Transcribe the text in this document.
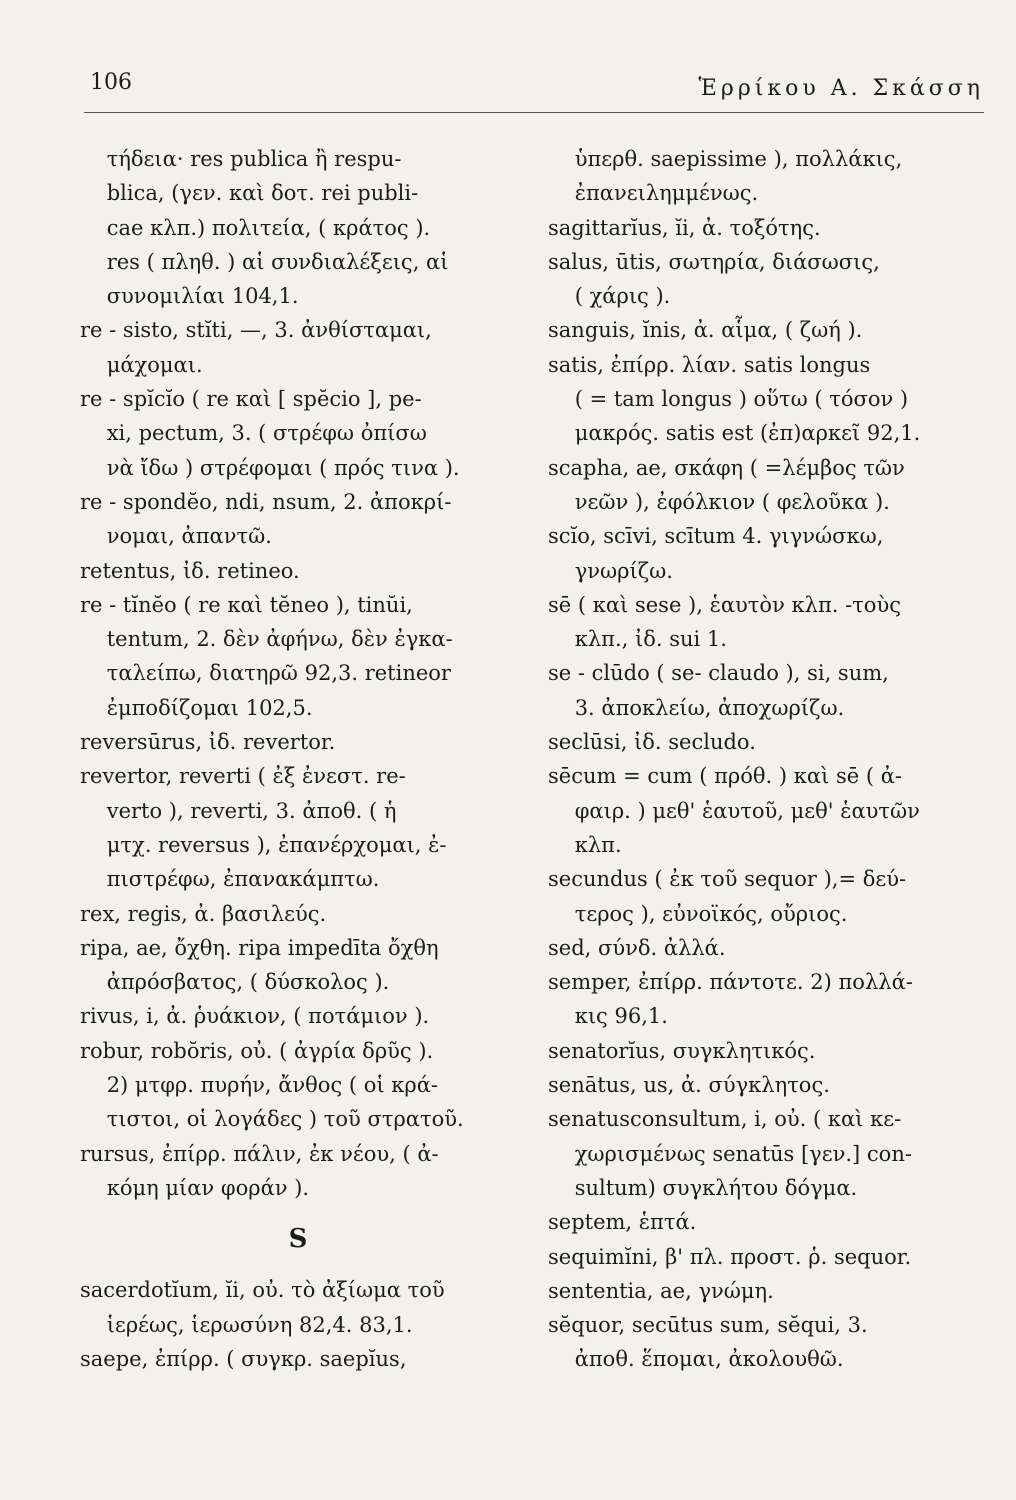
106	Ἑρρίκου Α. Σκάσση
τήδεια· res publica ἢ respu-
blica, (γεν. καὶ δοτ. rei publi-
cae κλπ.) πολιτεία, ( κράτος ).
res ( πληθ. ) αἱ συνδιαλέξεις, αἱ
συνομιλίαι 104,1.
re - sisto, stĭti, —, 3. ἀνθίσταμαι,
μάχομαι.
re - spĭcĭo ( re καὶ [ spĕcio ], pe-
xi, pectum, 3. ( στρέφω ὀπίσω
νὰ ἴδω ) στρέφομαι ( πρός τινα ).
re - spondĕo, ndi, nsum, 2. ἀποκρί-
νομαι, ἀπαντῶ.
retentus, ἰδ. retineo.
re - tĭnĕo ( re καὶ tĕneo ), tinŭi,
tentum, 2. δὲν ἀφήνω, δὲν ἐγκα-
ταλείπω, διατηρῶ 92,3. retineor
ἐμποδίζομαι 102,5.
reversūrus, ἰδ. revertor.
revertor, reverti ( ἐξ ἐνεστ. re-
verto ), reverti, 3. ἀποθ. ( ἡ
μτχ. reversus ), ἐπανέρχομαι, ἐ-
πιστρέφω, ἐπανακάμπτω.
rex, regis, ἀ. βασιλεύς.
ripa, ae, ὄχθη. ripa impedīta ὄχθη
ἀπρόσβατος, ( δύσκολος ).
rivus, i, ἀ. ῥυάκιον, ( ποτάμιον ).
robur, robŏris, οὐ. ( ἀγρία δρῦς ).
2) μτφρ. πυρήν, ἄνθος ( οἱ κρά-
τιστοι, οἱ λογάδες ) τοῦ στρατοῦ.
rursus, ἐπίρρ. πάλιν, ἐκ νέου, ( ἀ-
κόμη μίαν φοράν ).
S
sacerdotĭum, ĭi, οὐ. τὸ ἀξίωμα τοῦ
ἱερέως, ἱερωσύνη 82,4. 83,1.
saepe, ἐπίρρ. ( συγκρ. saepĭus,
ὑπερθ. saepissime ), πολλάκις,
ἐπανειλημμένως.
sagittarĭus, ĭi, ἀ. τοξότης.
salus, ūtis, σωτηρία, διάσωσις,
( χάρις ).
sanguis, ĭnis, ἀ. αἷμα, ( ζωή ).
satis, ἐπίρρ. λίαν. satis longus
( = tam longus ) οὕτω ( τόσον )
μακρός. satis est (ἐπ)αρκεῖ 92,1.
scapha, ae, σκάφη ( =λέμβος τῶν
νεῶν ), ἐφόλκιον ( φελοῦκα ).
scĭo, scīvi, scītum 4. γιγνώσκω,
γνωρίζω.
sē ( καὶ sese ), ἑαυτὸν κλπ. -τοὺς
κλπ., ἰδ. sui 1.
se - clūdo ( se- claudo ), si, sum,
3. ἀποκλείω, ἀποχωρίζω.
seclūsi, ἰδ. secludo.
sēcum = cum ( πρόθ. ) καὶ sē ( ἀ-
φαιρ. ) μεθ' ἑαυτοῦ, μεθ' ἑαυτῶν
κλπ.
secundus ( ἐκ τοῦ sequor ),= δεύ-
τερος ), εὐνοϊκός, οὔριος.
sed, σύνδ. ἀλλά.
semper, ἐπίρρ. πάντοτε. 2) πολλά-
κις 96,1.
senatorĭus, συγκλητικός.
senātus, us, ἀ. σύγκλητος.
senatusconsultum, i, οὐ. ( καὶ κε-
χωρισμένως senatūs [γεν.] con-
sultum) συγκλήτου δόγμα.
septem, ἑπτά.
sequimĭni, β' πλ. προστ. ῥ. sequor.
sententia, ae, γνώμη.
sĕquor, secūtus sum, sĕqui, 3.
ἀποθ. ἕπομαι, ἀκολουθῶ.
